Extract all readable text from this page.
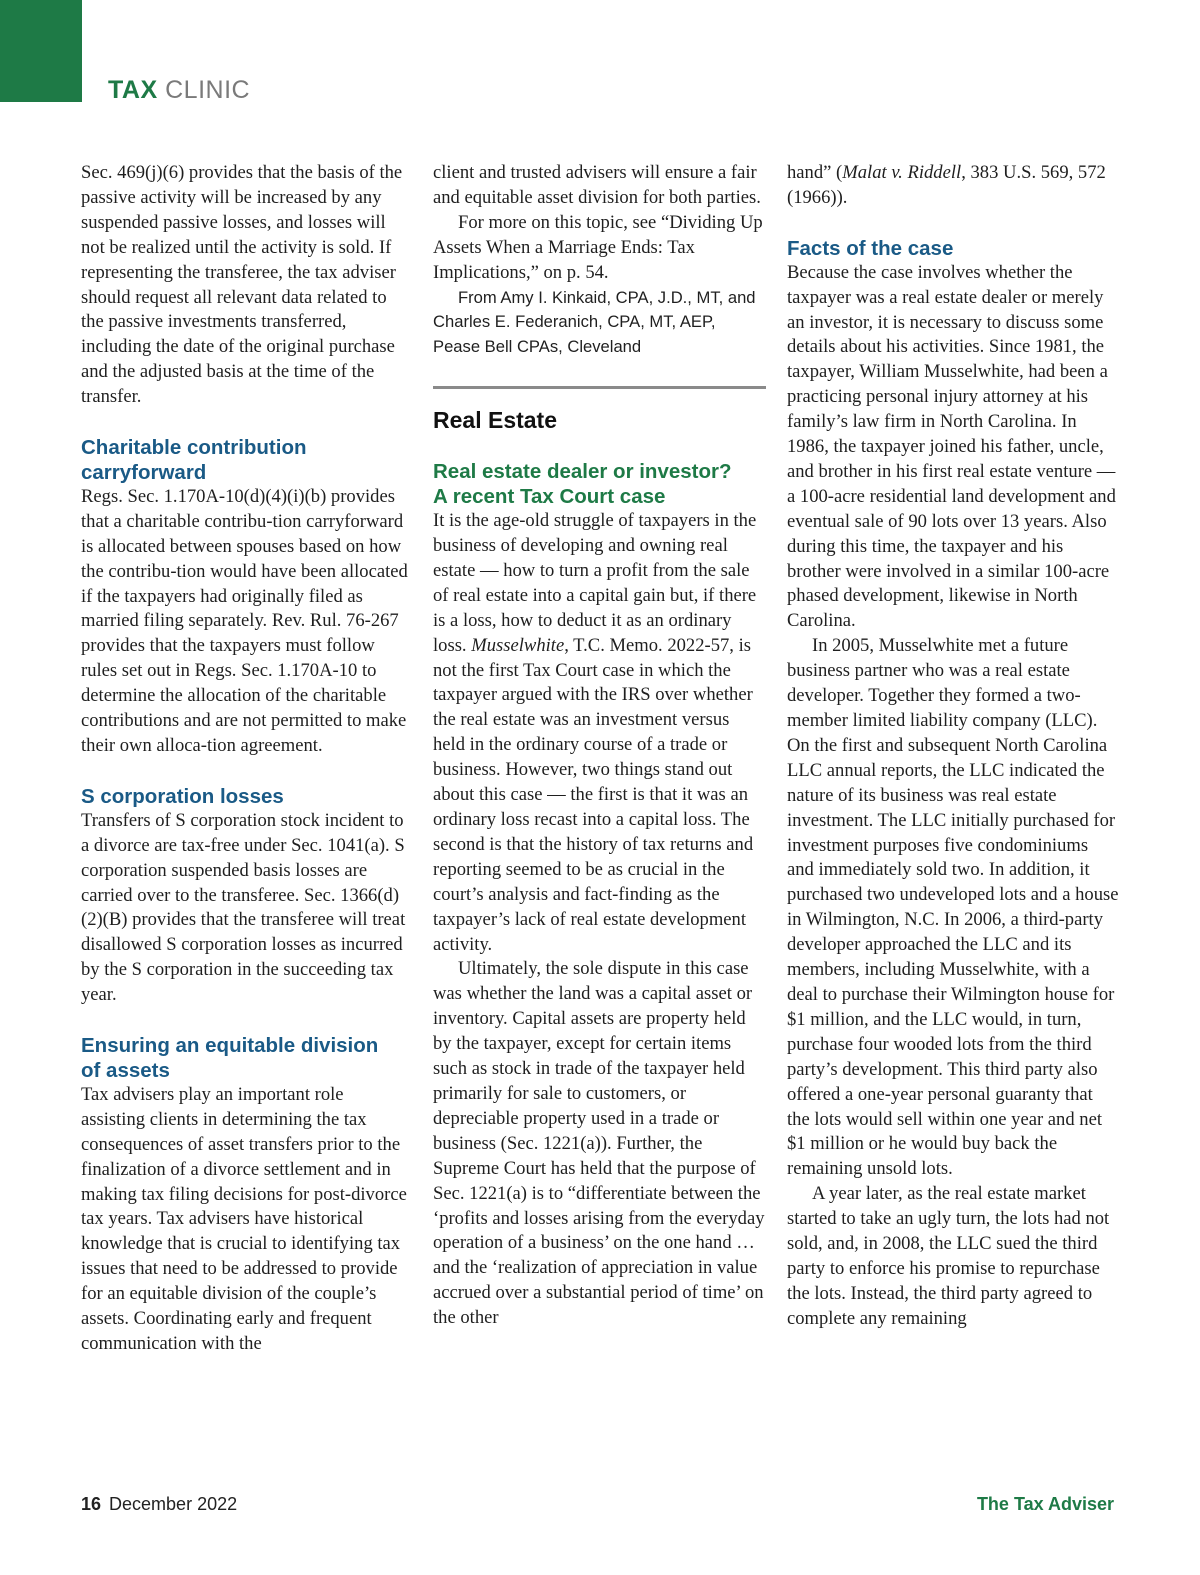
TAX CLINIC

Sec. 469(j)(6) provides that the basis of the passive activity will be increased by any suspended passive losses, and losses will not be realized until the activity is sold. If representing the transferee, the tax adviser should request all relevant data related to the passive investments transferred, including the date of the original purchase and the adjusted basis at the time of the transfer.

Charitable contribution
carryforward

Regs. Sec. 1.170A-10(d)(4)(i)(b) provides that a charitable contribu-tion carryforward is allocated between spouses based on how the contribu-tion would have been allocated if the taxpayers had originally filed as married filing separately. Rev. Rul. 76-267 provides that the taxpayers must follow rules set out in Regs. Sec. 1.170A-10 to determine the allocation of the charitable contributions and are not permitted to make their own alloca-tion agreement.

S corporation losses

Transfers of S corporation stock incident to a divorce are tax-free under Sec. 1041(a). S corporation suspended basis losses are carried over to the transferee. Sec. 1366(d)(2)(B) provides that the transferee will treat disallowed S corporation losses as incurred by the S corporation in the succeeding tax year.

Ensuring an equitable division
of assets

Tax advisers play an important role assisting clients in determining the tax consequences of asset transfers prior to the finalization of a divorce settlement and in making tax filing decisions for post-divorce tax years. Tax advisers have historical knowledge that is crucial to identifying tax issues that need to be addressed to provide for an equitable division of the couple’s assets. Coordinating early and frequent communication with the

client and trusted advisers will ensure a fair and equitable asset division for both parties.

For more on this topic, see “Dividing Up Assets When a Marriage Ends: Tax Implications,” on p. 54.

From Amy I. Kinkaid, CPA, J.D., MT, and Charles E. Federanich, CPA, MT, AEP, Pease Bell CPAs, Cleveland

Real Estate
Real estate dealer or investor?
A recent Tax Court case

It is the age-old struggle of taxpayers in the business of developing and owning real estate — how to turn a profit from the sale of real estate into a capital gain but, if there is a loss, how to deduct it as an ordinary loss. Musselwhite, T.C. Memo. 2022-57, is not the first Tax Court case in which the taxpayer argued with the IRS over whether the real estate was an investment versus held in the ordinary course of a trade or business. However, two things stand out about this case — the first is that it was an ordinary loss recast into a capital loss. The second is that the history of tax returns and reporting seemed to be as crucial in the court’s analysis and fact-finding as the taxpayer’s lack of real estate development activity.

Ultimately, the sole dispute in this case was whether the land was a capital asset or inventory. Capital assets are property held by the taxpayer, except for certain items such as stock in trade of the taxpayer held primarily for sale to customers, or depreciable property used in a trade or business (Sec. 1221(a)). Further, the Supreme Court has held that the purpose of Sec. 1221(a) is to “differentiate between the ‘profits and losses arising from the everyday operation of a business’ on the one hand … and the ‘realization of appreciation in value accrued over a substantial period of time’ on the other

hand” (Malat v. Riddell, 383 U.S. 569, 572 (1966)).

Facts of the case

Because the case involves whether the taxpayer was a real estate dealer or merely an investor, it is necessary to discuss some details about his activities. Since 1981, the taxpayer, William Musselwhite, had been a practicing personal injury attorney at his family’s law firm in North Carolina. In 1986, the taxpayer joined his father, uncle, and brother in his first real estate venture — a 100-acre residential land development and eventual sale of 90 lots over 13 years. Also during this time, the taxpayer and his brother were involved in a similar 100-acre phased development, likewise in North Carolina.

In 2005, Musselwhite met a future business partner who was a real estate developer. Together they formed a two-member limited liability company (LLC). On the first and subsequent North Carolina LLC annual reports, the LLC indicated the nature of its business was real estate investment. The LLC initially purchased for investment purposes five condominiums and immediately sold two. In addition, it purchased two undeveloped lots and a house in Wilmington, N.C. In 2006, a third-party developer approached the LLC and its members, including Musselwhite, with a deal to purchase their Wilmington house for $1 million, and the LLC would, in turn, purchase four wooded lots from the third party’s development. This third party also offered a one-year personal guaranty that the lots would sell within one year and net $1 million or he would buy back the remaining unsold lots.

A year later, as the real estate market started to take an ugly turn, the lots had not sold, and, in 2008, the LLC sued the third party to enforce his promise to repurchase the lots. Instead, the third party agreed to complete any remaining

16 December 2022	The Tax Adviser
